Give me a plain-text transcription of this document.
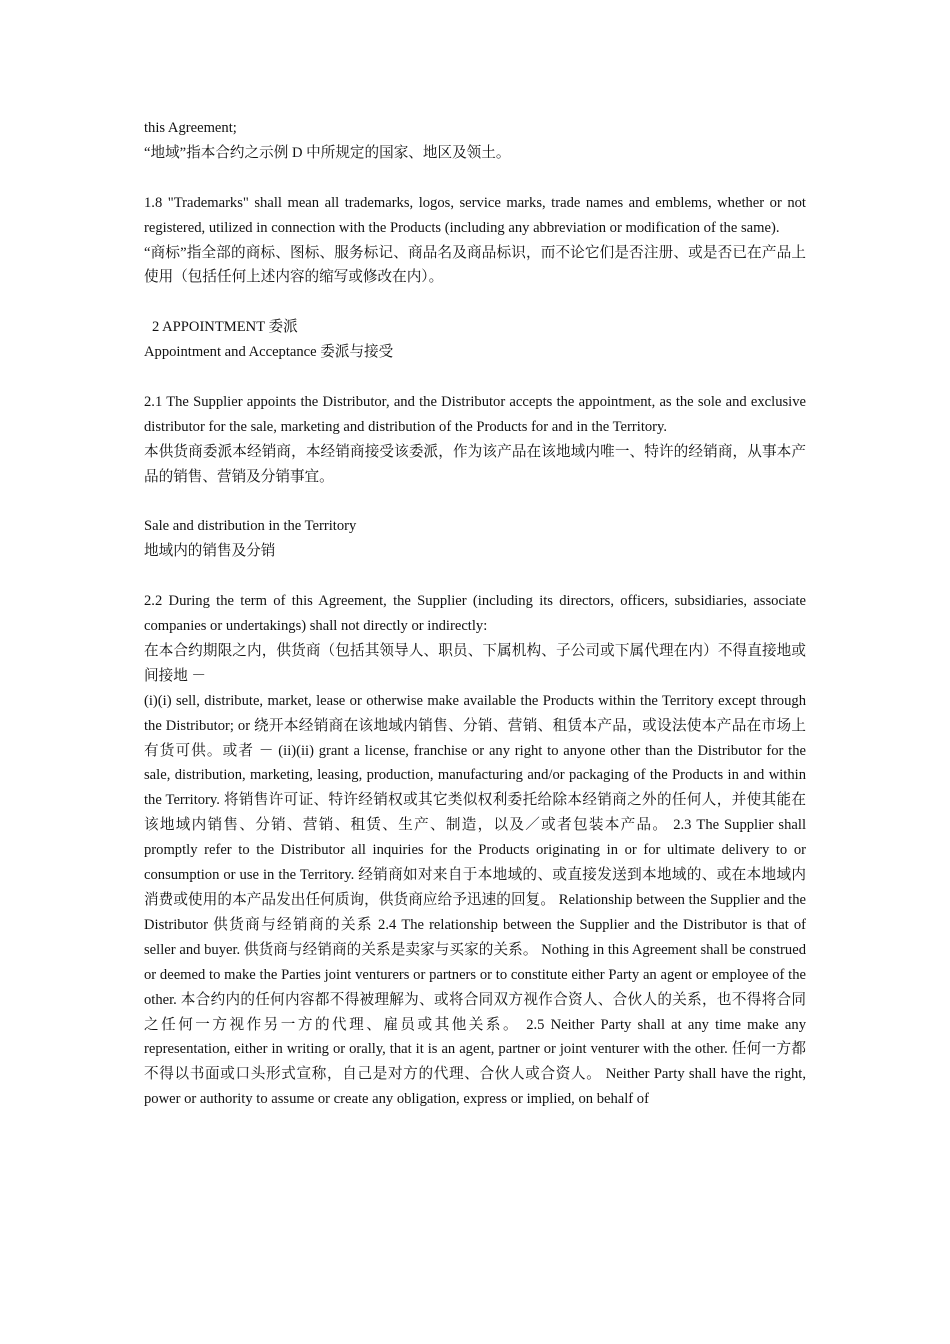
this Agreement;

“地域”指本合约之示例 D 中所规定的国家、地区及领土。

1.8 "Trademarks" shall mean all trademarks, logos, service marks, trade names and emblems, whether or not registered, utilized in connection with the Products (including any abbreviation or modification of the same).

“商标”指全部的商标、图标、服务标记、商品名及商品标识，而不论它们是否注册、或是否已在产品上使用（包括任何上述内容的缩写或修改在内）。

2 APPOINTMENT 委派

Appointment and Acceptance 委派与接受

2.1 The Supplier appoints the Distributor, and the Distributor accepts the appointment, as the sole and exclusive distributor for the sale, marketing and distribution of the Products for and in the Territory.

本供货商委派本经销商，本经销商接受该委派，作为该产品在该地域内唯一、特许的经销商，从事本产品的销售、营销及分销事宜。

Sale and distribution in the Territory

地域内的销售及分销

2.2 During the term of this Agreement, the Supplier (including its directors, officers, subsidiaries, associate companies or undertakings) shall not directly or indirectly:

在本合约期限之内，供货商（包括其领导人、职员、下属机构、子公司或下属代理在内）不得直接地或间接地 －

(i)(i) sell, distribute, market, lease or otherwise make available the Products within the Territory except through the Distributor; or 绕开本经销商在该地域内销售、分销、营销、租赁本产品，或设法使本产品在市场上有货可供。或者 － (ii)(ii) grant a license, franchise or any right to anyone other than the Distributor for the sale, distribution, marketing, leasing, production, manufacturing and/or packaging of the Products in and within the Territory. 将销售许可证、特许经销权或其它类似权利委托给除本经销商之外的任何人，并使其能在该地域内销售、分销、营销、租赁、生产、制造，以及／或者包装本产品。 2.3 The Supplier shall promptly refer to the Distributor all inquiries for the Products originating in or for ultimate delivery to or consumption or use in the Territory. 经销商如对来自于本地域的、或直接发送到本地域的、或在本地域内消费或使用的本产品发出任何质询，供货商应给予迅速的回复。 Relationship between the Supplier and the Distributor 供货商与经销商的关系 2.4 The relationship between the Supplier and the Distributor is that of seller and buyer. 供货商与经销商的关系是卖家与买家的关系。 Nothing in this Agreement shall be construed or deemed to make the Parties joint venturers or partners or to constitute either Party an agent or employee of the other. 本合约内的任何内容都不得被理解为、或将合同双方视作合资人、合伙人的关系，也不得将合同之任何一方视作另一方的代理、雇员或其他关系。 2.5 Neither Party shall at any time make any representation, either in writing or orally, that it is an agent, partner or joint venturer with the other. 任何一方都不得以书面或口头形式宣称，自己是对方的代理、合伙人或合资人。 Neither Party shall have the right, power or authority to assume or create any obligation, express or implied, on behalf of
